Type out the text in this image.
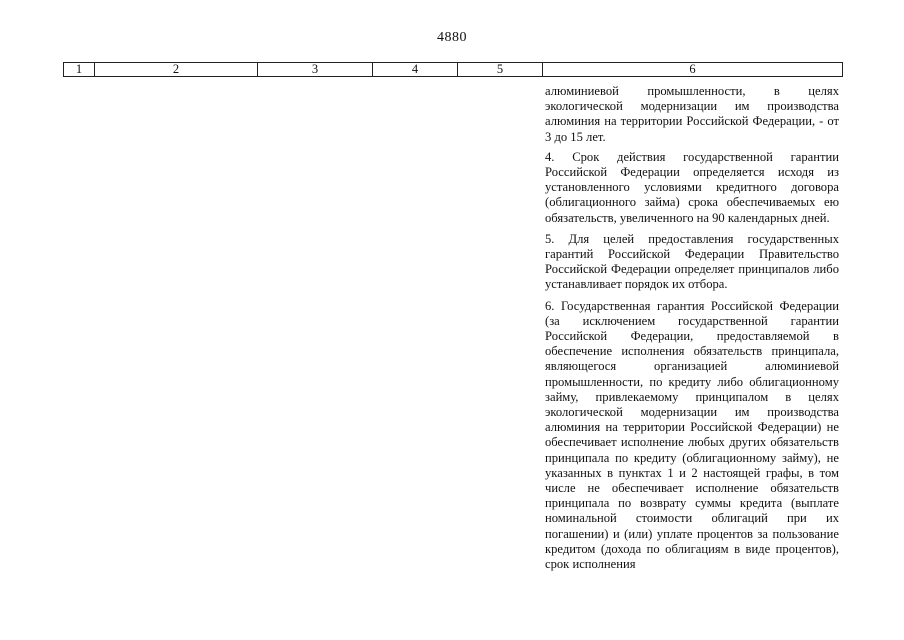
4880
1	2	3	4	5	6

алюминиевой промышленности, в целях экологической модернизации им производства алюминия на территории Российской Федерации, - от 3 до 15 лет.

4. Срок действия государственной гарантии Российской Федерации определяется исходя из установленного условиями кредитного договора (облигационного займа) срока обеспечиваемых ею обязательств, увеличенного на 90 календарных дней.

5. Для целей предоставления государственных гарантий Российской Федерации Правительство Российской Федерации определяет принципалов либо устанавливает порядок их отбора.

6. Государственная гарантия Российской Федерации (за исключением государственной гарантии Российской Федерации, предоставляемой в обеспечение исполнения обязательств принципала, являющегося организацией алюминиевой промышленности, по кредиту либо облигационному займу, привлекаемому принципалом в целях экологической модернизации им производства алюминия на территории Российской Федерации) не обеспечивает исполнение любых других обязательств принципала по кредиту (облигационному займу), не указанных в пунктах 1 и 2 настоящей графы, в том числе не обеспечивает исполнение обязательств принципала по возврату суммы кредита (выплате номинальной стоимости облигаций при их погашении) и (или) уплате процентов за пользование кредитом (дохода по облигациям в виде процентов), срок исполнения
